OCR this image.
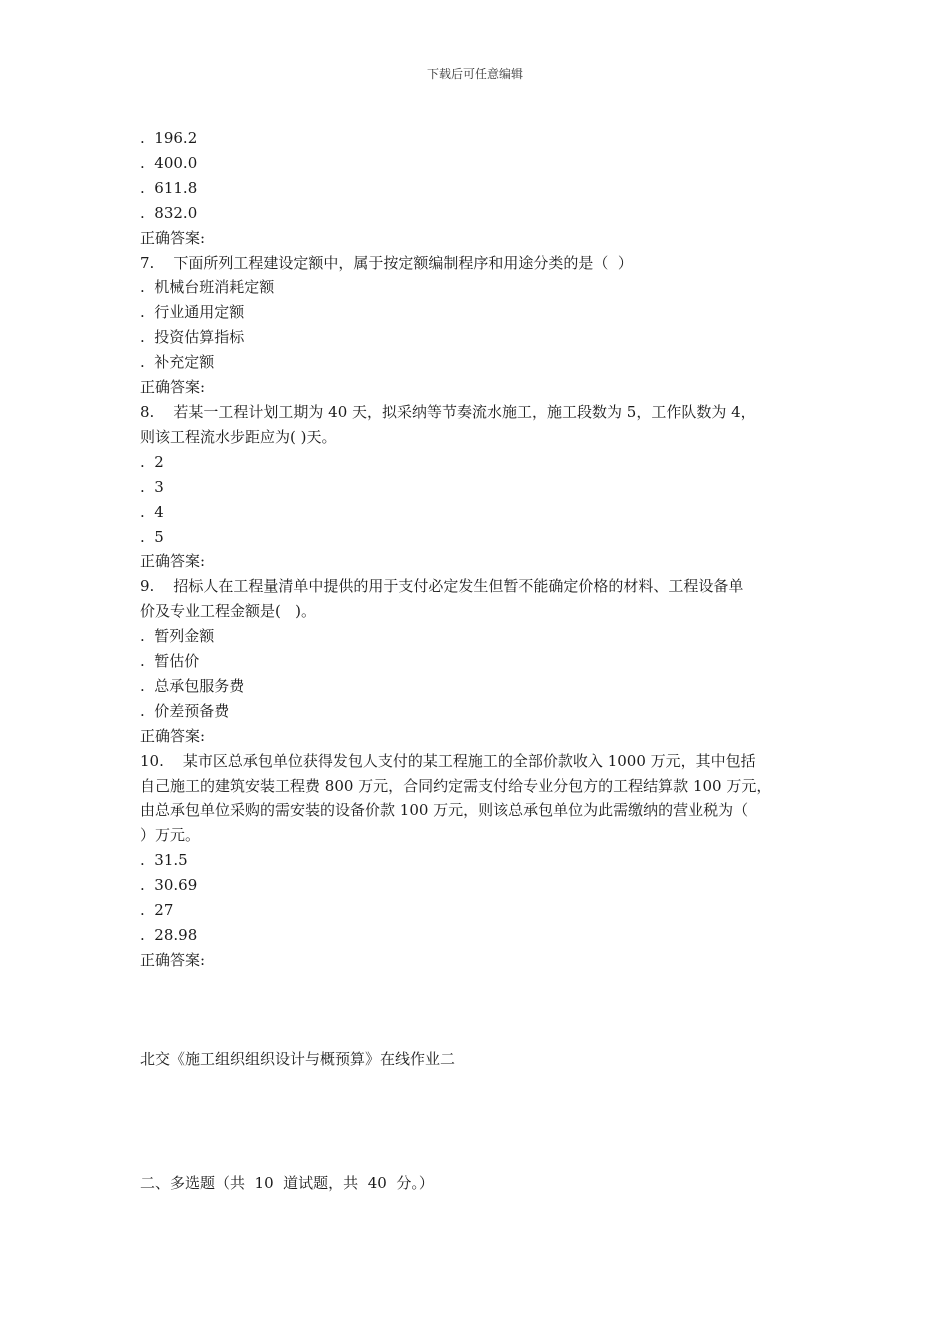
下载后可任意编辑
.  196.2
.  400.0
.  611.8
.  832.0
正确答案:
7.    下面所列工程建设定额中，属于按定额编制程序和用途分类的是（  ）
.  机械台班消耗定额
.  行业通用定额
.  投资估算指标
.  补充定额
正确答案:
8.    若某一工程计划工期为 40 天，拟采纳等节奏流水施工，施工段数为 5，工作队数为 4，
则该工程流水步距应为( )天。
.  2
.  3
.  4
.  5
正确答案:
9.    招标人在工程量清单中提供的用于支付必定发生但暂不能确定价格的材料、工程设备单
价及专业工程金额是(   )。
.  暂列金额
.  暂估价
.  总承包服务费
.  价差预备费
正确答案:
10.    某市区总承包单位获得发包人支付的某工程施工的全部价款收入 1000 万元，其中包括
自己施工的建筑安装工程费 800 万元，合同约定需支付给专业分包方的工程结算款 100 万元，
由总承包单位采购的需安装的设备价款 100 万元，则该总承包单位为此需缴纳的营业税为（
）万元。
.  31.5
.  30.69
.  27
.  28.98
正确答案:
北交《施工组织组织设计与概预算》在线作业二
二、多选题（共  10  道试题，共  40  分。）
